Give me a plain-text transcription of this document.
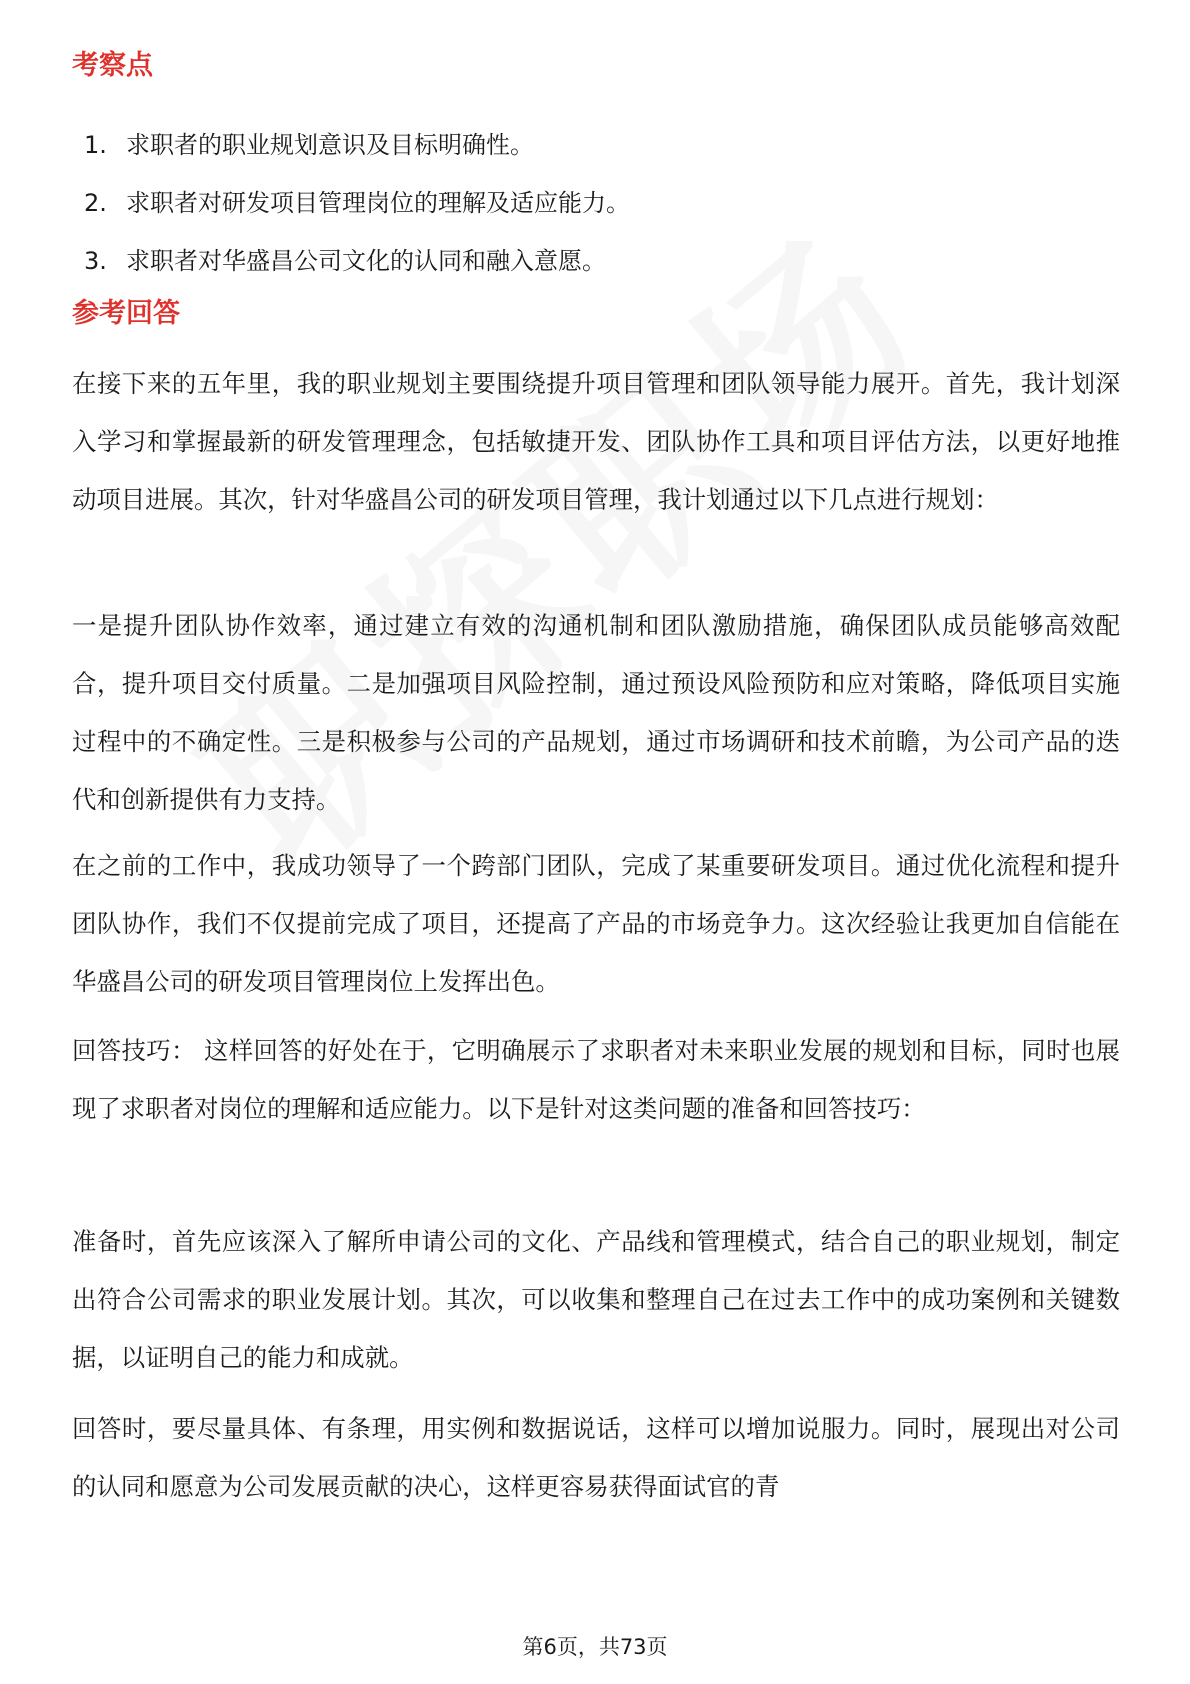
考察点
1. 求职者的职业规划意识及目标明确性。
2. 求职者对研发项目管理岗位的理解及适应能力。
3. 求职者对华盛昌公司文化的认同和融入意愿。
参考回答

在接下来的五年里，我的职业规划主要围绕提升项目管理和团队领导能力展开。首先，我计划深入学习和掌握最新的研发管理理念，包括敏捷开发、团队协作工具和项目评估方法，以更好地推动项目进展。其次，针对华盛昌公司的研发项目管理，我计划通过以下几点进行规划：

一是提升团队协作效率，通过建立有效的沟通机制和团队激励措施，确保团队成员能够高效配合，提升项目交付质量。二是加强项目风险控制，通过预设风险预防和应对策略，降低项目实施过程中的不确定性。三是积极参与公司的产品规划，通过市场调研和技术前瞻，为公司产品的迭代和创新提供有力支持。

在之前的工作中，我成功领导了一个跨部门团队，完成了某重要研发项目。通过优化流程和提升团队协作，我们不仅提前完成了项目，还提高了产品的市场竞争力。这次经验让我更加自信能在华盛昌公司的研发项目管理岗位上发挥出色。

回答技巧： 这样回答的好处在于，它明确展示了求职者对未来职业发展的规划和目标，同时也展现了求职者对岗位的理解和适应能力。以下是针对这类问题的准备和回答技巧：

准备时，首先应该深入了解所申请公司的文化、产品线和管理模式，结合自己的职业规划，制定出符合公司需求的职业发展计划。其次，可以收集和整理自己在过去工作中的成功案例和关键数据，以证明自己的能力和成就。

回答时，要尽量具体、有条理，用实例和数据说话，这样可以增加说服力。同时，展现出对公司的认同和愿意为公司发展贡献的决心，这样更容易获得面试官的青

第6页，共73页
